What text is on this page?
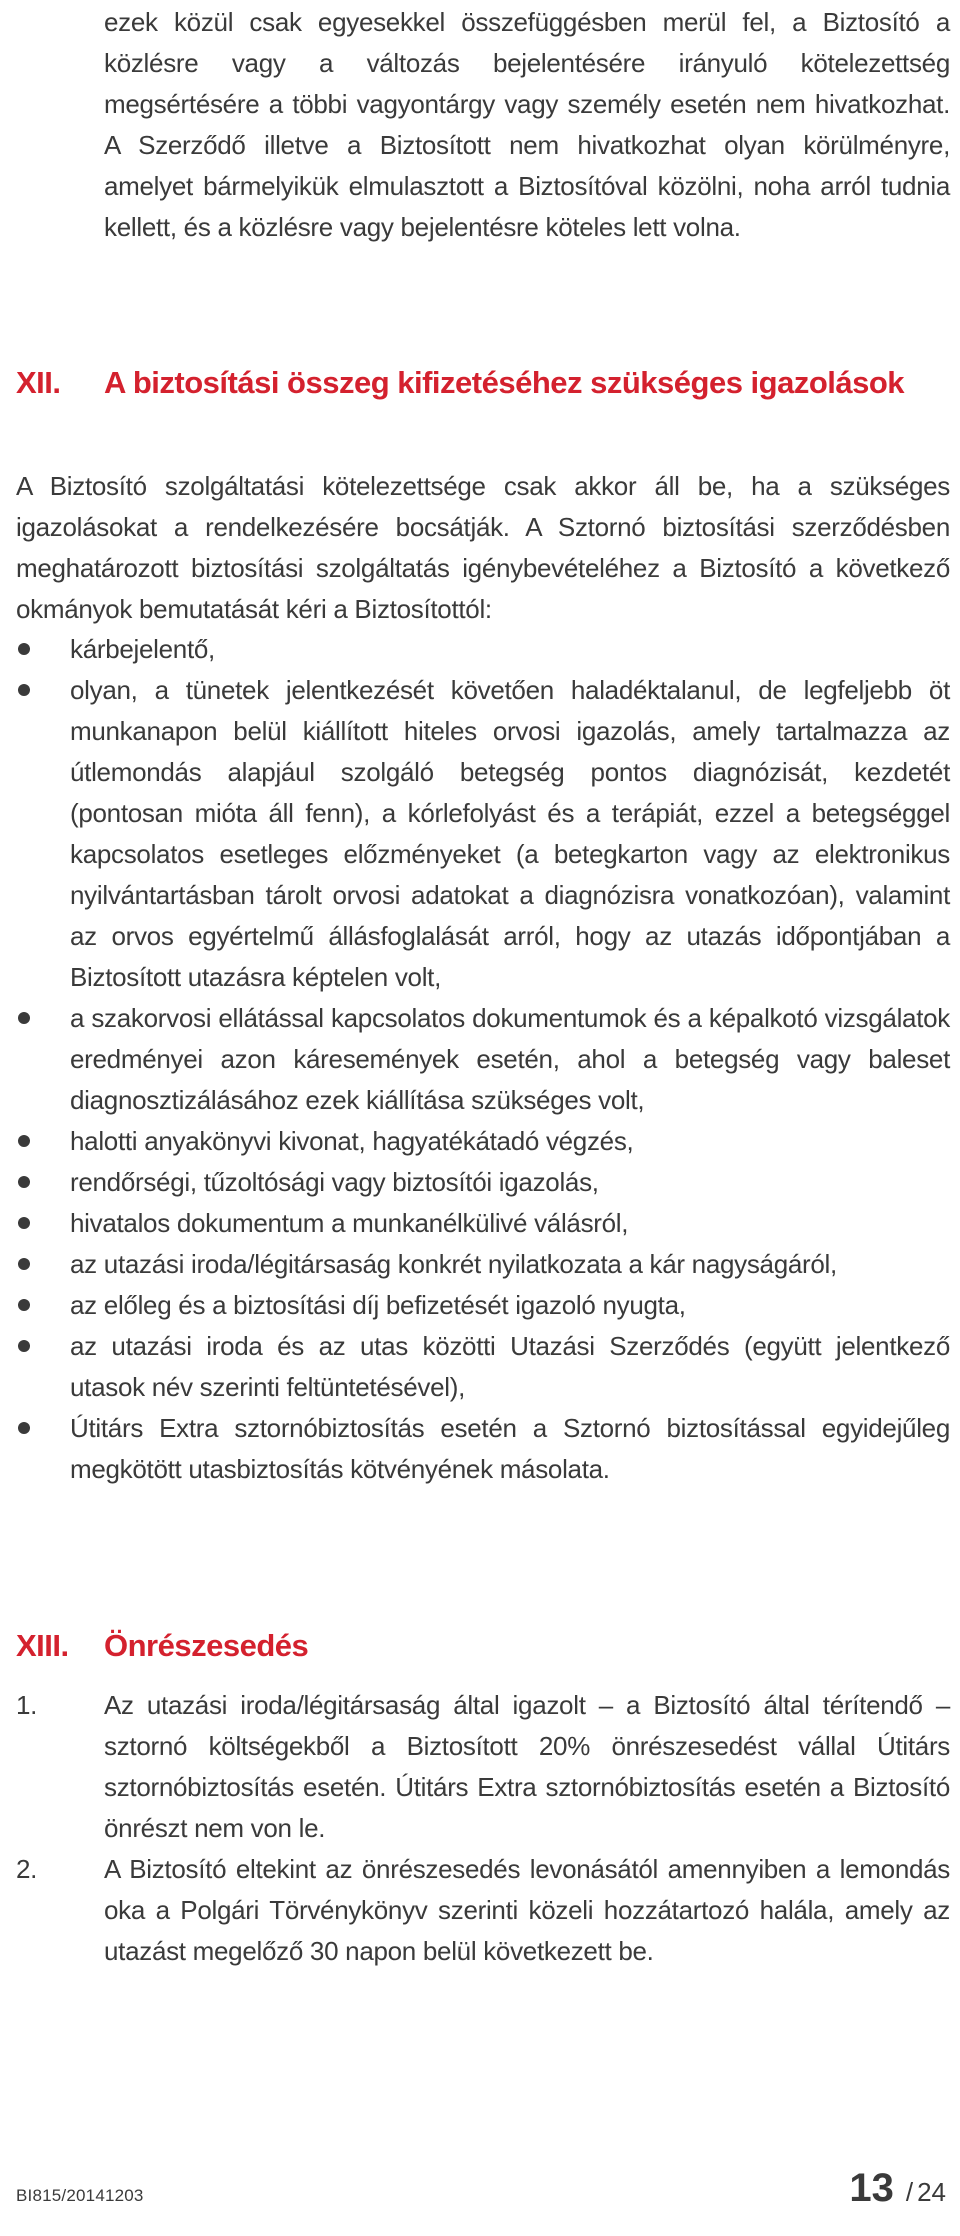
ezek közül csak egyesekkel összefüggésben merül fel, a Biztosító a közlésre vagy a változás bejelentésére irányuló kötelezettség megsértésére a többi vagyontárgy vagy személy esetén nem hivatkozhat. A Szerződő illetve a Biztosított nem hivatkozhat olyan körülményre, amelyet bármelyikük elmulasztott a Biztosítóval közölni, noha arról tudnia kellett, és a közlésre vagy bejelentésre köteles lett volna.

XII.	A biztosítási összeg kifizetéséhez szükséges igazolások

A Biztosító szolgáltatási kötelezettsége csak akkor áll be, ha a szükséges igazolásokat a rendelkezésére bocsátják. A Sztornó biztosítási szerződésben meghatározott biztosítási szolgáltatás igénybevételéhez a Biztosító a következő okmányok bemutatását kéri a Biztosítottól:

kárbejelentő,
olyan, a tünetek jelentkezését követően haladéktalanul, de legfeljebb öt munkanapon belül kiállított hiteles orvosi igazolás, amely tartalmazza az útlemondás alapjául szolgáló betegség pontos diagnózisát, kezdetét (pontosan mióta áll fenn), a kórlefolyást és a terápiát, ezzel a betegséggel kapcsolatos esetleges előzményeket (a betegkarton vagy az elektronikus nyilvántartásban tárolt orvosi adatokat a diagnózisra vonatkozóan), valamint az orvos egyértelmű állásfoglalását arról, hogy az utazás időpontjában a Biztosított utazásra képtelen volt,
a szakorvosi ellátással kapcsolatos dokumentumok és a képalkotó vizsgálatok eredményei azon káresemények esetén, ahol a betegség vagy baleset diagnosztizálásához ezek kiállítása szükséges volt,
halotti anyakönyvi kivonat, hagyatékátadó végzés,
rendőrségi, tűzoltósági vagy biztosítói igazolás,
hivatalos dokumentum a munkanélkülivé válásról,
az utazási iroda/légitársaság konkrét nyilatkozata a kár nagyságáról,
az előleg és a biztosítási díj befizetését igazoló nyugta,
az utazási iroda és az utas közötti Utazási Szerződés (együtt jelentkező utasok név szerinti feltüntetésével),
Útitárs Extra sztornóbiztosítás esetén a Sztornó biztosítással egyidejűleg megkötött utasbiztosítás kötvényének másolata.
XIII.	Önrészesedés
1.	Az utazási iroda/légitársaság által igazolt – a Biztosító által térítendő – sztornó költségekből a Biztosított 20% önrészesedést vállal Útitárs sztornóbiztosítás esetén. Útitárs Extra sztornóbiztosítás esetén a Biztosító önrészt nem von le.
2.	A Biztosító eltekint az önrészesedés levonásától amennyiben a lemondás oka a Polgári Törvénykönyv szerinti közeli hozzátartozó halála, amely az utazást megelőző 30 napon belül következett be.
BI815/20141203	13 / 24
